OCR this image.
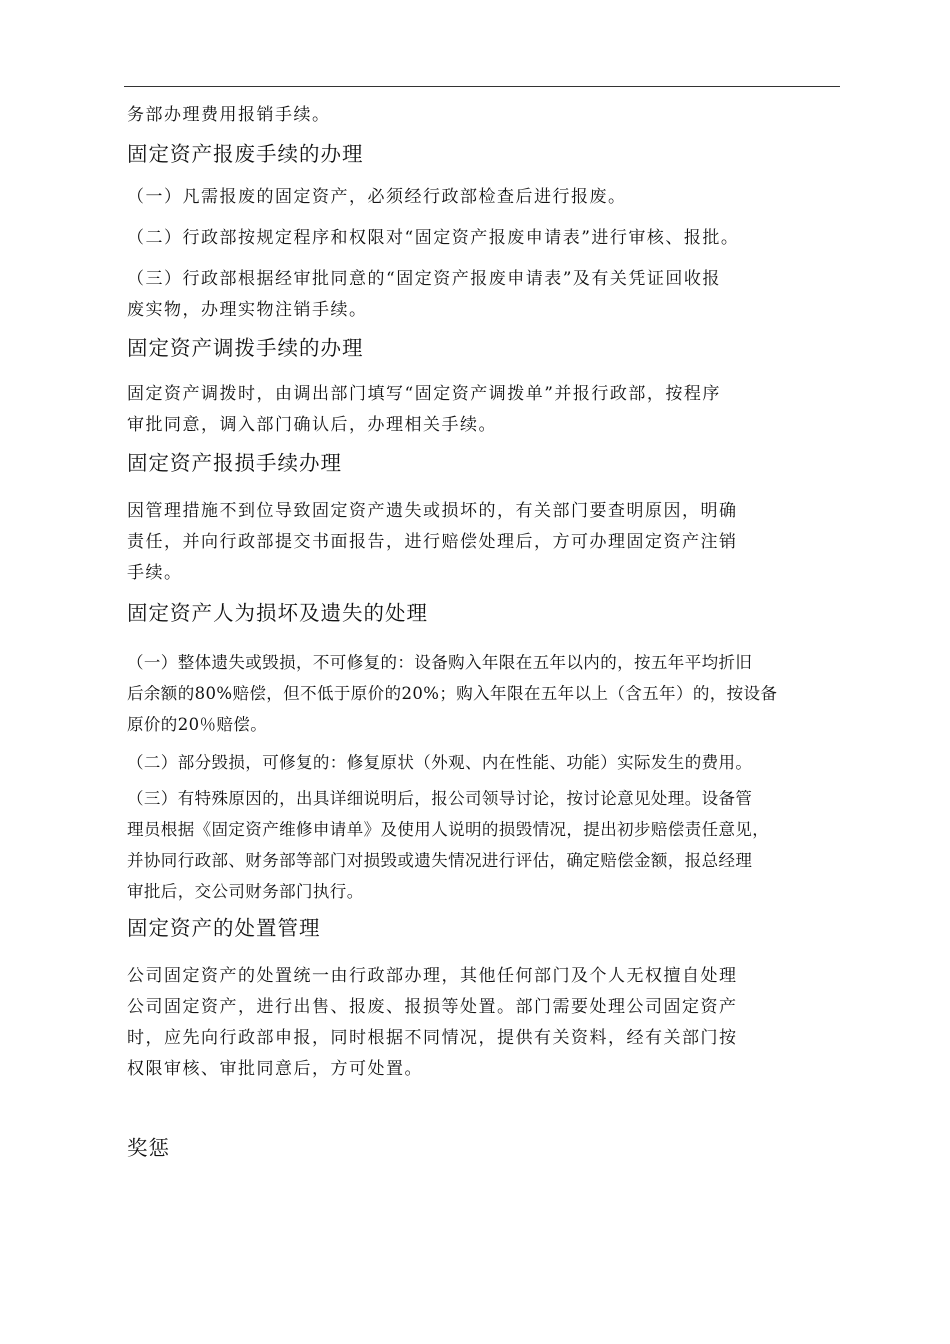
务部办理费用报销手续。
固定资产报废手续的办理
（一）凡需报废的固定资产，必须经行政部检查后进行报废。
（二）行政部按规定程序和权限对“固定资产报废申请表”进行审核、报批。
（三）行政部根据经审批同意的“固定资产报废申请表”及有关凭证回收报
废实物，办理实物注销手续。
固定资产调拨手续的办理
固定资产调拨时，由调出部门填写“固定资产调拨单”并报行政部，按程序
审批同意，调入部门确认后，办理相关手续。
固定资产报损手续办理
因管理措施不到位导致固定资产遗失或损坏的，有关部门要查明原因，明确
责任，并向行政部提交书面报告，进行赔偿处理后，方可办理固定资产注销
手续。
固定资产人为损坏及遗失的处理
（一）整体遗失或毁损，不可修复的：设备购入年限在五年以内的，按五年平均折旧
后余额的80%赔偿，但不低于原价的20%；购入年限在五年以上（含五年）的，按设备
原价的20％赔偿。
（二）部分毁损，可修复的：修复原状（外观、内在性能、功能）实际发生的费用。
（三）有特殊原因的，出具详细说明后，报公司领导讨论，按讨论意见处理。设备管
理员根据《固定资产维修申请单》及使用人说明的损毁情况，提出初步赔偿责任意见，
并协同行政部、财务部等部门对损毁或遗失情况进行评估，确定赔偿金额，报总经理
审批后，交公司财务部门执行。
固定资产的处置管理
公司固定资产的处置统一由行政部办理，其他任何部门及个人无权擅自处理
公司固定资产，进行出售、报废、报损等处置。部门需要处理公司固定资产
时，应先向行政部申报，同时根据不同情况，提供有关资料，经有关部门按
权限审核、审批同意后，方可处置。
奖惩
